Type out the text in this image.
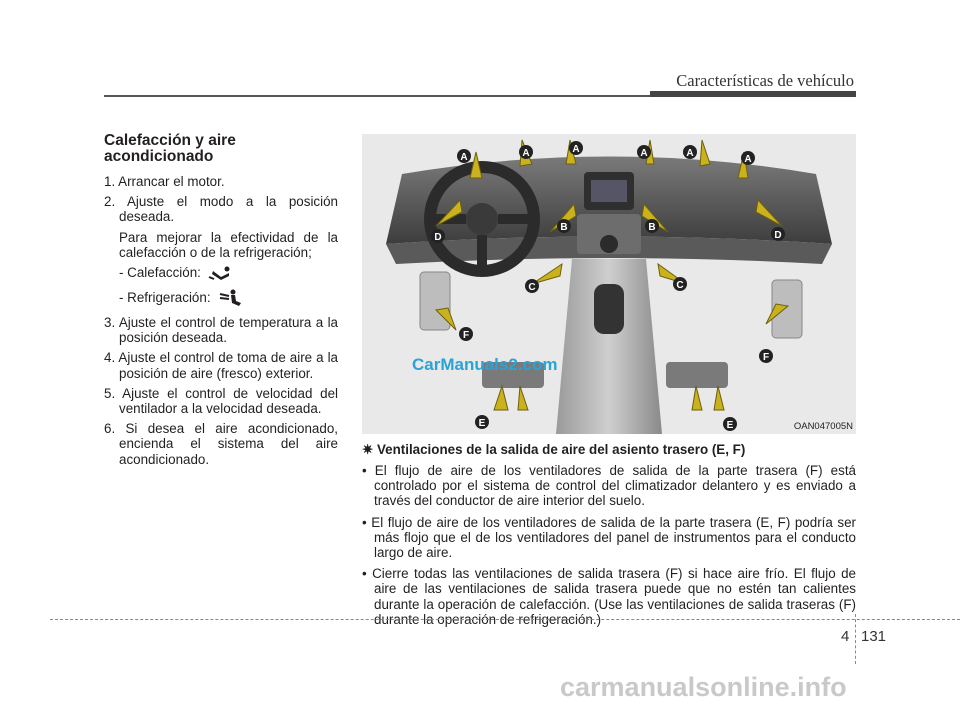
Características de vehículo
Calefacción y aire acondicionado

1. Arrancar el motor.

2. Ajuste el modo a la posición deseada.

Para mejorar la efectividad de la calefacción o de la refrigeración;

- Calefacción:
- Refrigeración:

3. Ajuste el control de temperatura a la posición deseada.

4. Ajuste el control de toma de aire a la posición de aire (fresco) exterior.

5. Ajuste el control de velocidad del ventilador a la velocidad deseada.

6. Si desea el aire acondicionado, encienda el sistema del aire acondicionado.

A	A	A	A	A
A
B	B
C	C
D	D
E	E
F
F
OAN047005N
CarManuals2.com
✷ Ventilaciones de la salida de aire del asiento trasero (E, F)

• El flujo de aire de los ventiladores de salida de la parte trasera (F) está controlado por el sistema de control del climatizador delantero y es enviado a través del conductor de aire interior del suelo.

• El flujo de aire de los ventiladores de salida de la parte trasera (E, F) podría ser más flojo que el de los ventiladores del panel de instrumentos para el conducto largo de aire.

• Cierre todas las ventilaciones de salida trasera (F) si hace aire frío. El flujo de aire de las ventilaciones de salida trasera puede que no estén tan calientes durante la operación de calefacción. (Use las ventilaciones de salida traseras (F) durante la operación de refrigeración.)

4 131
carmanualsonline.info
